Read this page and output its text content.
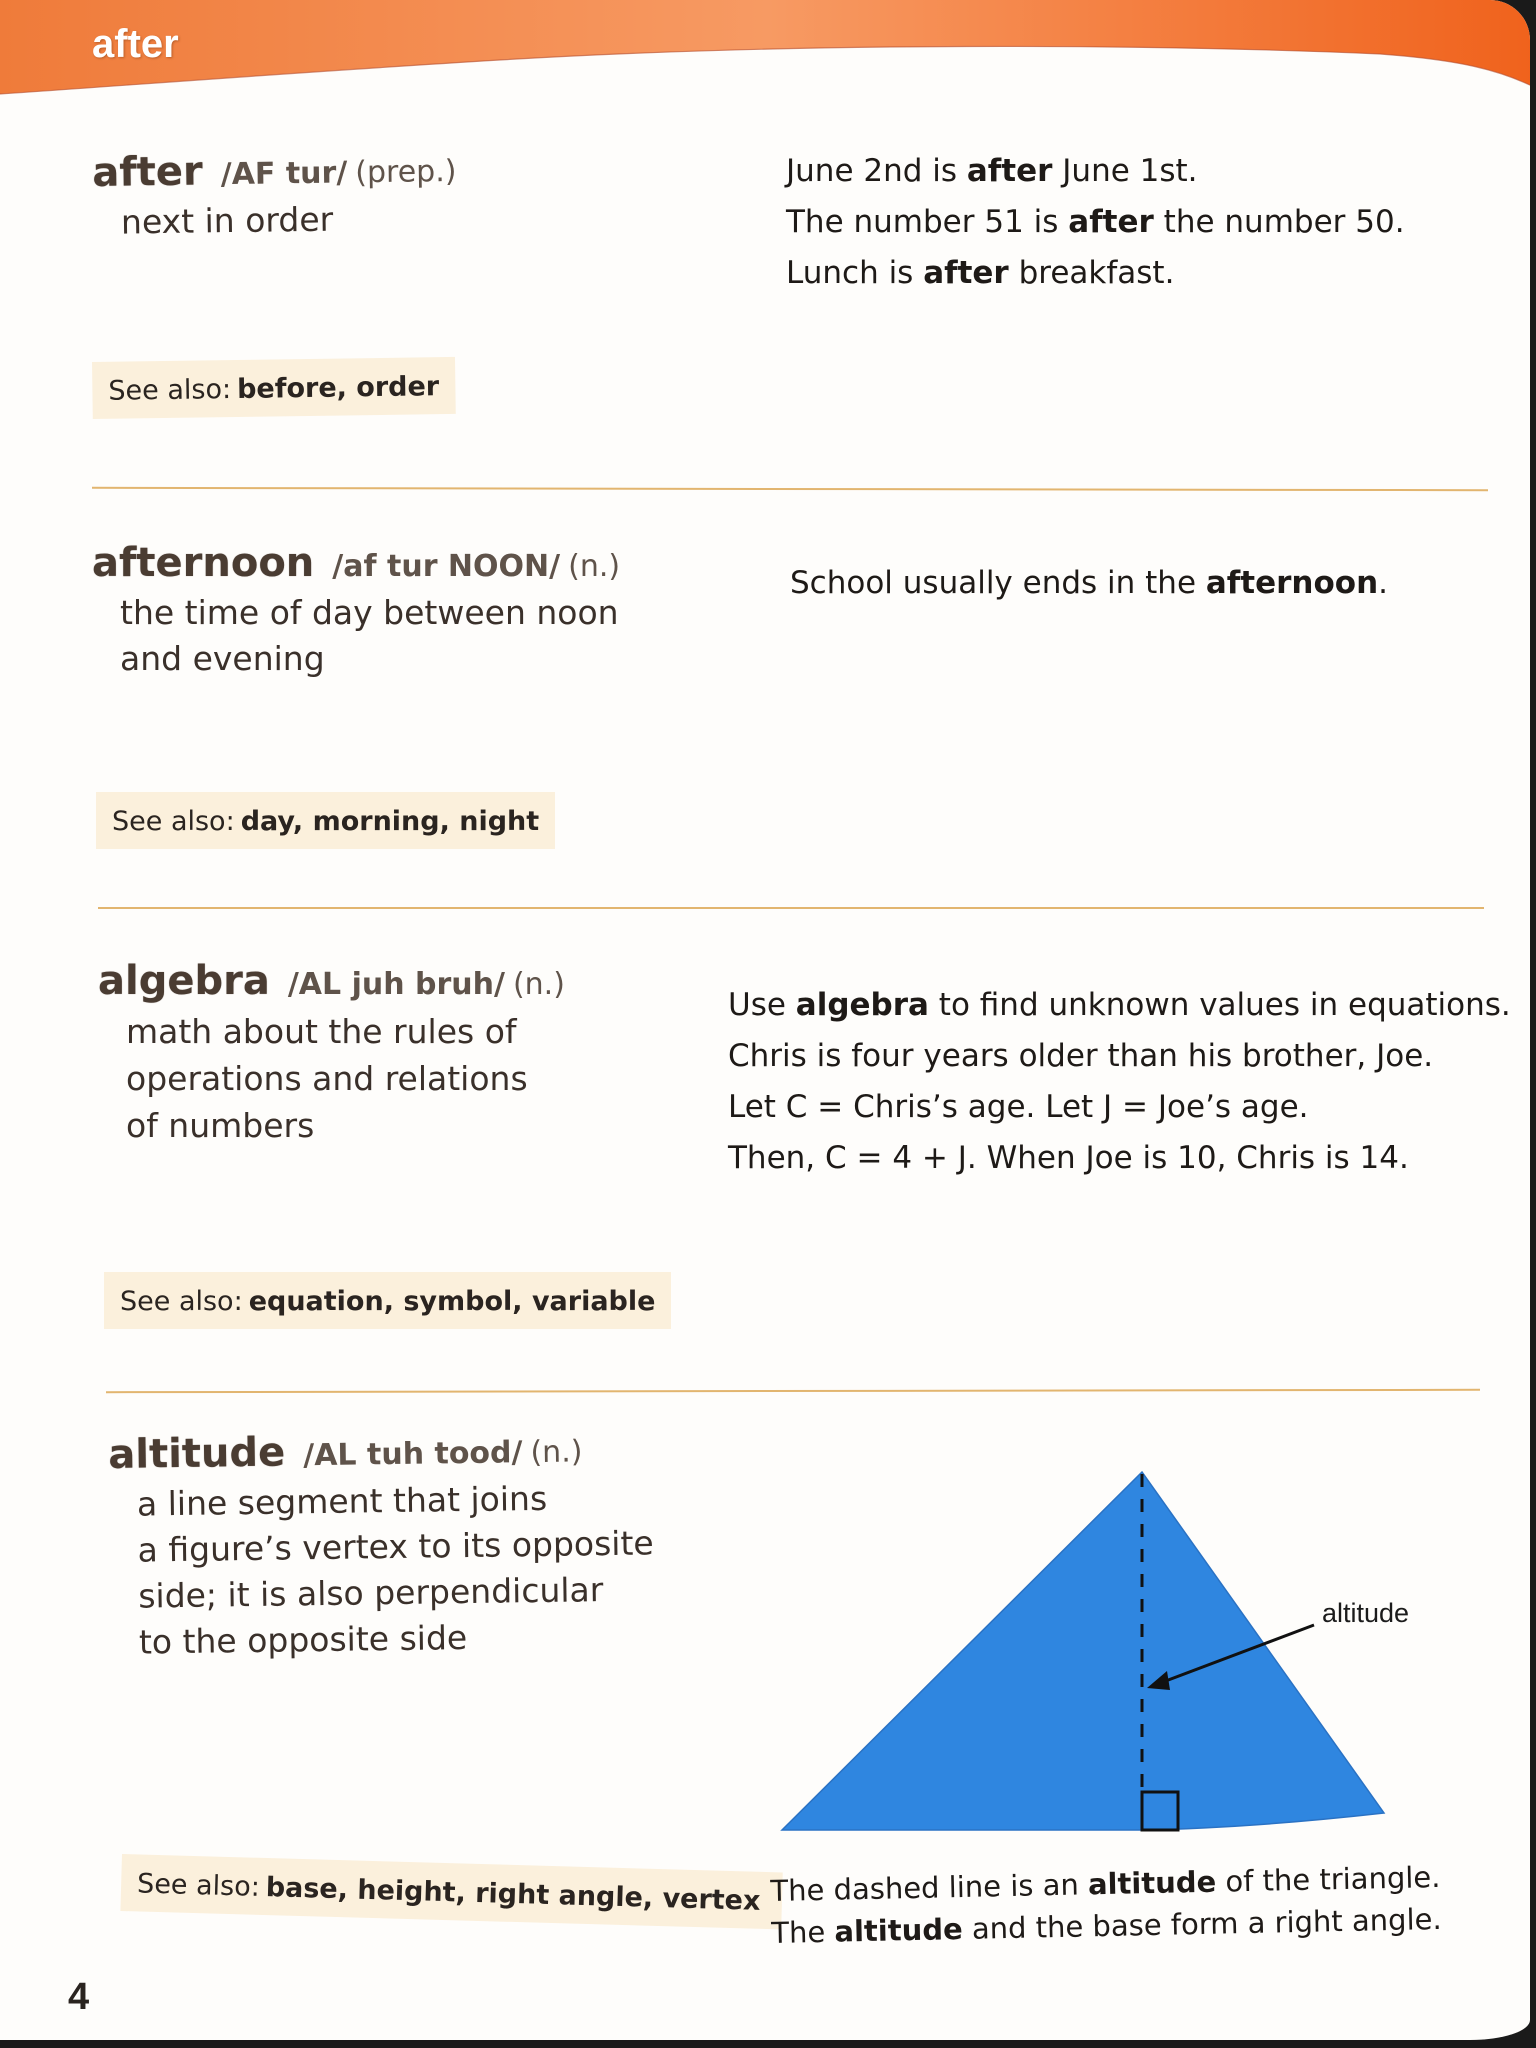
after
after /AF tur/ (prep.)
next in order
See also: before, order
June 2nd is after June 1st.
The number 51 is after the number 50.
Lunch is after breakfast.
afternoon /af tur NOON/ (n.)
the time of day between noon
and evening
See also: day, morning, night
School usually ends in the afternoon.
algebra /AL juh bruh/ (n.)
math about the rules of
operations and relations
of numbers
See also: equation, symbol, variable
Use algebra to find unknown values in equations.
Chris is four years older than his brother, Joe.
Let C = Chris’s age. Let J = Joe’s age.
Then, C = 4 + J. When Joe is 10, Chris is 14.
altitude /AL tuh tood/ (n.)
a line segment that joins
a figure’s vertex to its opposite
side; it is also perpendicular
to the opposite side
See also: base, height, right angle, vertex
altitude
The dashed line is an altitude of the triangle.
The altitude and the base form a right angle.
4
